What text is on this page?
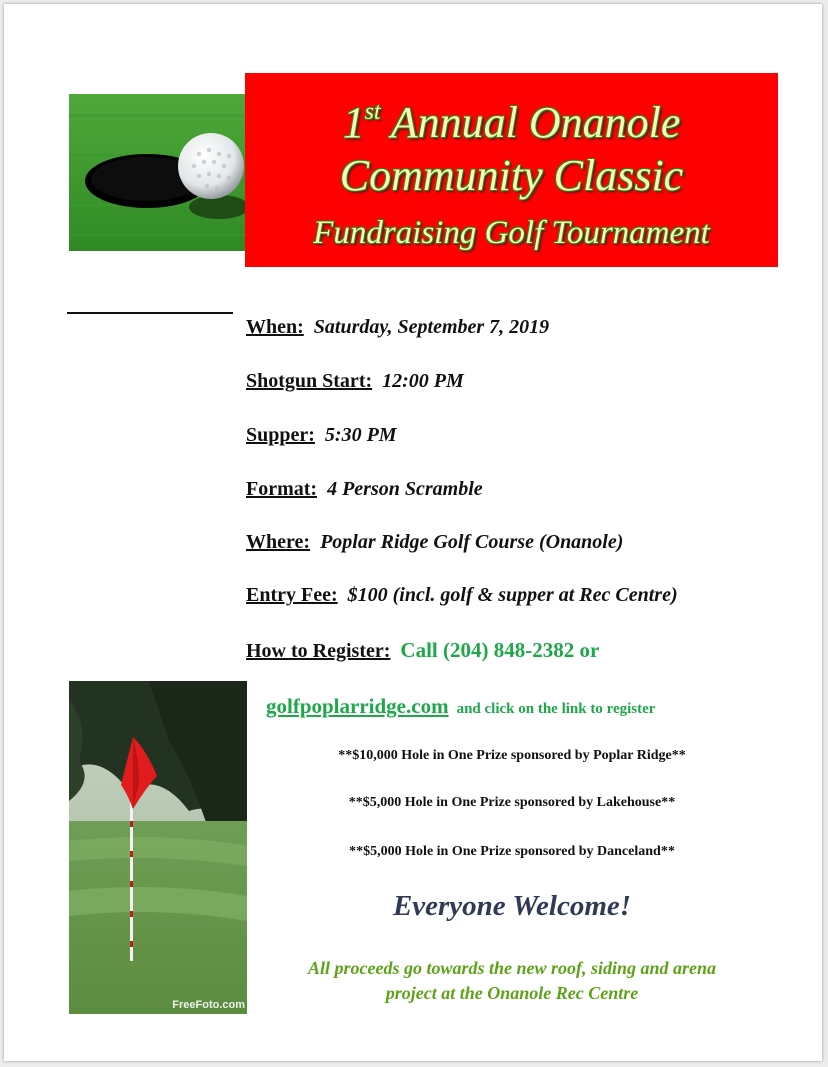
1st Annual Onanole
Community Classic
Fundraising Golf Tournament
When: Saturday, September 7, 2019
Shotgun Start: 12:00 PM
Supper: 5:30 PM
Format: 4 Person Scramble
Where: Poplar Ridge Golf Course (Onanole)
Entry Fee: $100 (incl. golf & supper at Rec Centre)
How to Register: Call (204) 848-2382 or
FreeFoto.com
golfpoplarridge.com and click on the link to register
**$10,000 Hole in One Prize sponsored by Poplar Ridge**
**$5,000 Hole in One Prize sponsored by Lakehouse**
**$5,000 Hole in One Prize sponsored by Danceland**
Everyone Welcome!
All proceeds go towards the new roof, siding and arena
project at the Onanole Rec Centre
